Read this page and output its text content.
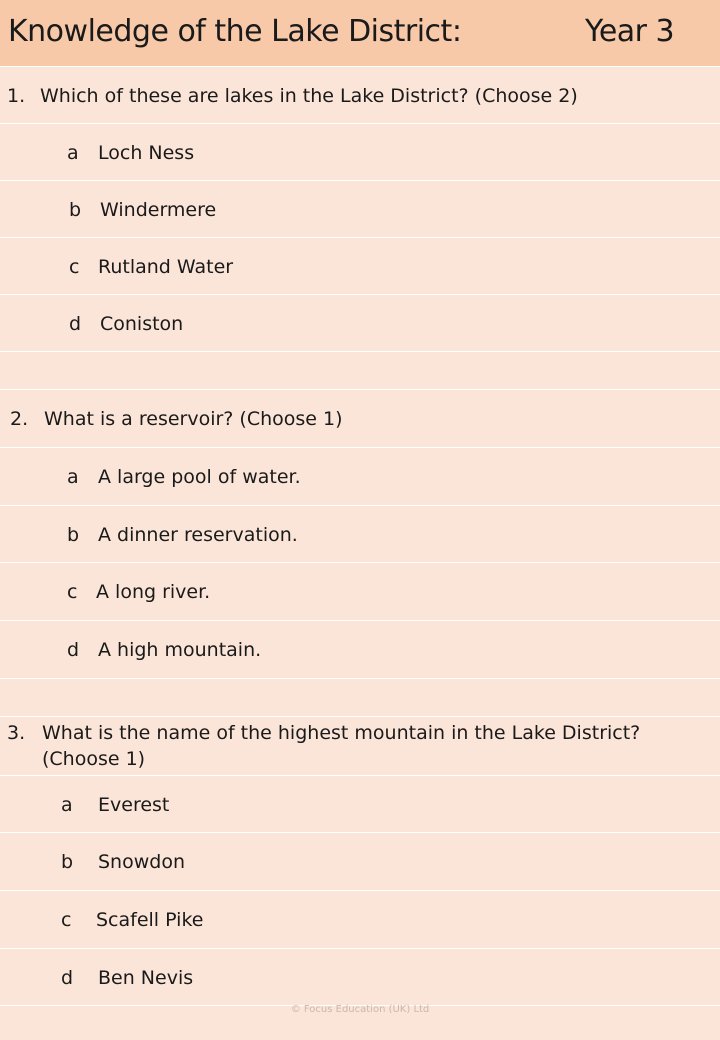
Knowledge of the Lake District:	Year 3
1. Which of these are lakes in the Lake District? (Choose 2)
a Loch Ness
b Windermere
c Rutland Water
d Coniston
2. What is a reservoir? (Choose 1)
a A large pool of water.
b A dinner reservation.
c A long river.
d A high mountain.
3. What is the name of the highest mountain in the Lake District?
(Choose 1)
a Everest
b Snowdon
c Scafell Pike
d Ben Nevis
© Focus Education (UK) Ltd
